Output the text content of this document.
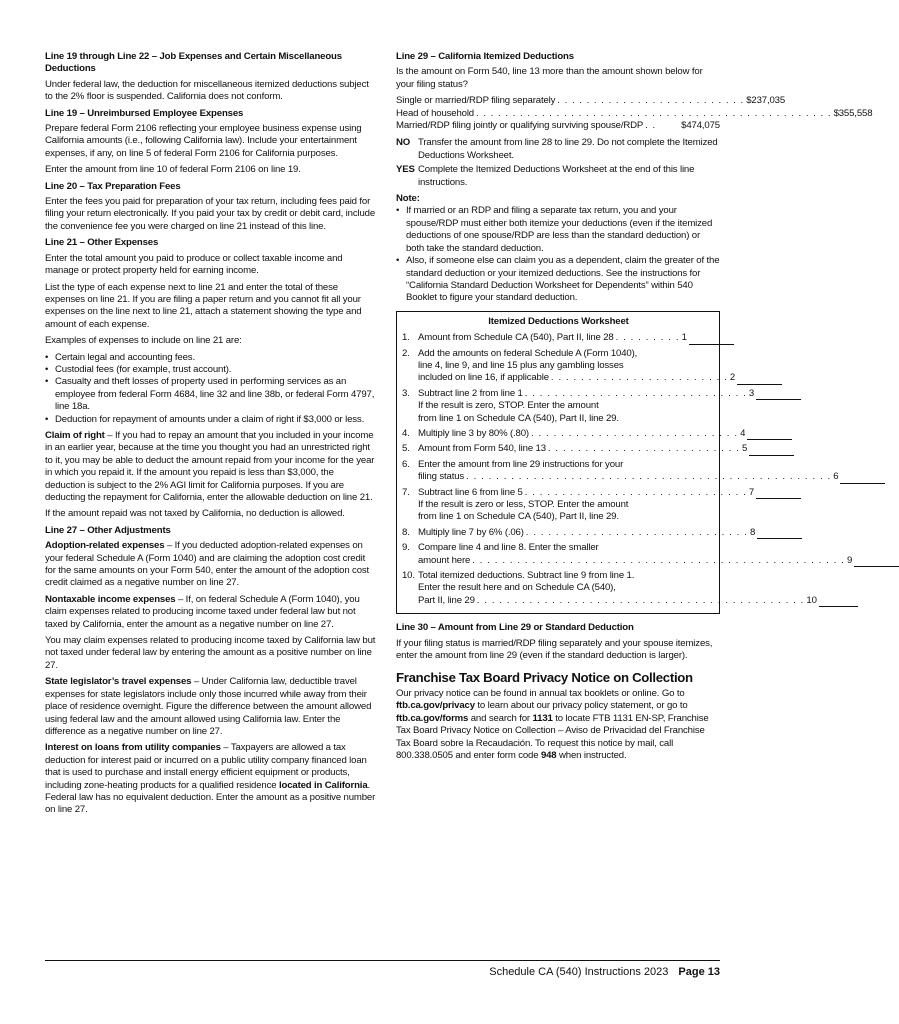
Line 19 through Line 22 – Job Expenses and Certain Miscellaneous Deductions

Under federal law, the deduction for miscellaneous itemized deductions subject to the 2% floor is suspended. California does not conform.

Line 19 – Unreimbursed Employee Expenses

Prepare federal Form 2106 reflecting your employee business expense using California amounts (i.e., following California law). Include your entertainment expenses, if any, on line 5 of federal Form 2106 for California purposes.

Enter the amount from line 10 of federal Form 2106 on line 19.

Line 20 – Tax Preparation Fees

Enter the fees you paid for preparation of your tax return, including fees paid for filing your return electronically. If you paid your tax by credit or debit card, include the convenience fee you were charged on line 21 instead of this line.

Line 21 – Other Expenses

Enter the total amount you paid to produce or collect taxable income and manage or protect property held for earning income.

List the type of each expense next to line 21 and enter the total of these expenses on line 21. If you are filing a paper return and you cannot fit all your expenses on the line next to line 21, attach a statement showing the type and amount of each expense.

Examples of expenses to include on line 21 are:

• Certain legal and accounting fees.
• Custodial fees (for example, trust account).
• Casualty and theft losses of property used in performing services as an employee from federal Form 4684, line 32 and line 38b, or federal Form 4797, line 18a.
• Deduction for repayment of amounts under a claim of right if $3,000 or less.

Claim of right – If you had to repay an amount that you included in your income in an earlier year, because at the time you thought you had an unrestricted right to it, you may be able to deduct the amount repaid from your income for the year in which you repaid it. If the amount you repaid is less than $3,000, the deduction is subject to the 2% AGI limit for California purposes. If you are deducting the repayment for California, enter the allowable deduction on line 21.

If the amount repaid was not taxed by California, no deduction is allowed.

Line 27 – Other Adjustments

Adoption-related expenses – If you deducted adoption-related expenses on your federal Schedule A (Form 1040) and are claiming the adoption cost credit for the same amounts on your Form 540, enter the amount of the adoption cost credit claimed as a negative number on line 27.

Nontaxable income expenses – If, on federal Schedule A (Form 1040), you claim expenses related to producing income taxed under federal law but not taxed by California, enter the amount as a negative number on line 27.

You may claim expenses related to producing income taxed by California law but not taxed under federal law by entering the amount as a positive number on line 27.

State legislator’s travel expenses – Under California law, deductible travel expenses for state legislators include only those incurred while away from their place of residence overnight. Figure the difference between the amount allowed using federal law and the amount allowed using California law. Enter the difference as a negative number on line 27.

Interest on loans from utility companies – Taxpayers are allowed a tax deduction for interest paid or incurred on a public utility company financed loan that is used to purchase and install energy efficient equipment or products, including zone-heating products for a qualified residence located in California. Federal law has no equivalent deduction. Enter the amount as a positive number on line 27.

Line 29 – California Itemized Deductions

Is the amount on Form 540, line 13 more than the amount shown below for your filing status?

Single or married/RDP filing separately . . . . . . . . . . . . . . . . . . . . . . . . . . $237,035
Head of household . . . . . . . . . . . . . . . . . . . . . . . . . . . . . . . . . . . . . . . . . . . . . . . . . $355,558
Married/RDP filing jointly or qualifying surviving spouse/RDP . .	$474,075
NO Transfer the amount from line 28 to line 29. Do not complete the Itemized Deductions Worksheet.
YES Complete the Itemized Deductions Worksheet at the end of this line instructions.
Note:
• If married or an RDP and filing a separate tax return, you and your spouse/RDP must either both itemize your deductions (even if the itemized deductions of one spouse/RDP are less than the standard deduction) or both take the standard deduction.
• Also, if someone else can claim you as a dependent, claim the greater of the standard deduction or your itemized deductions. See the instructions for “California Standard Deduction Worksheet for Dependents” within 540 Booklet to figure your standard deduction.
Itemized Deductions Worksheet
1. Amount from Schedule CA (540), Part II, line 28 . . . . . . . . . 1
2. Add the amounts on federal Schedule A (Form 1040),
line 4, line 9, and line 15 plus any gambling losses
included on line 16, if applicable . . . . . . . . . . . . . . . . . . . . . . . . 2
3. Subtract line 2 from line 1 . . . . . . . . . . . . . . . . . . . . . . . . . . . . . . 3
If the result is zero, STOP. Enter the amount
from line 1 on Schedule CA (540), Part II, line 29.
4. Multiply line 3 by 80% (.80) . . . . . . . . . . . . . . . . . . . . . . . . . . . . 4
5. Amount from Form 540, line 13 . . . . . . . . . . . . . . . . . . . . . . . . . . 5
6. Enter the amount from line 29 instructions for your
filing status . . . . . . . . . . . . . . . . . . . . . . . . . . . . . . . . . . . . . . . . . . . . . . . . . 6
7. Subtract line 6 from line 5 . . . . . . . . . . . . . . . . . . . . . . . . . . . . . . 7
If the result is zero or less, STOP. Enter the amount
from line 1 on Schedule CA (540), Part II, line 29.
8. Multiply line 7 by 6% (.06) . . . . . . . . . . . . . . . . . . . . . . . . . . . . . . 8
9. Compare line 4 and line 8. Enter the smaller
amount here . . . . . . . . . . . . . . . . . . . . . . . . . . . . . . . . . . . . . . . . . . . . . . . . . . 9
10. Total itemized deductions. Subtract line 9 from line 1.
Enter the result here and on Schedule CA (540),
Part II, line 29 . . . . . . . . . . . . . . . . . . . . . . . . . . . . . . . . . . . . . . . . . . . . 10
Line 30 – Amount from Line 29 or Standard Deduction

If your filing status is married/RDP filing separately and your spouse itemizes, enter the amount from line 29 (even if the standard deduction is larger).

Franchise Tax Board Privacy Notice on Collection

Our privacy notice can be found in annual tax booklets or online. Go to ftb.ca.gov/privacy to learn about our privacy policy statement, or go to ftb.ca.gov/forms and search for 1131 to locate FTB 1131 EN-SP, Franchise Tax Board Privacy Notice on Collection – Aviso de Privacidad del Franchise Tax Board sobre la Recaudación. To request this notice by mail, call 800.338.0505 and enter form code 948 when instructed.

Schedule CA (540) Instructions 2023 Page 13
